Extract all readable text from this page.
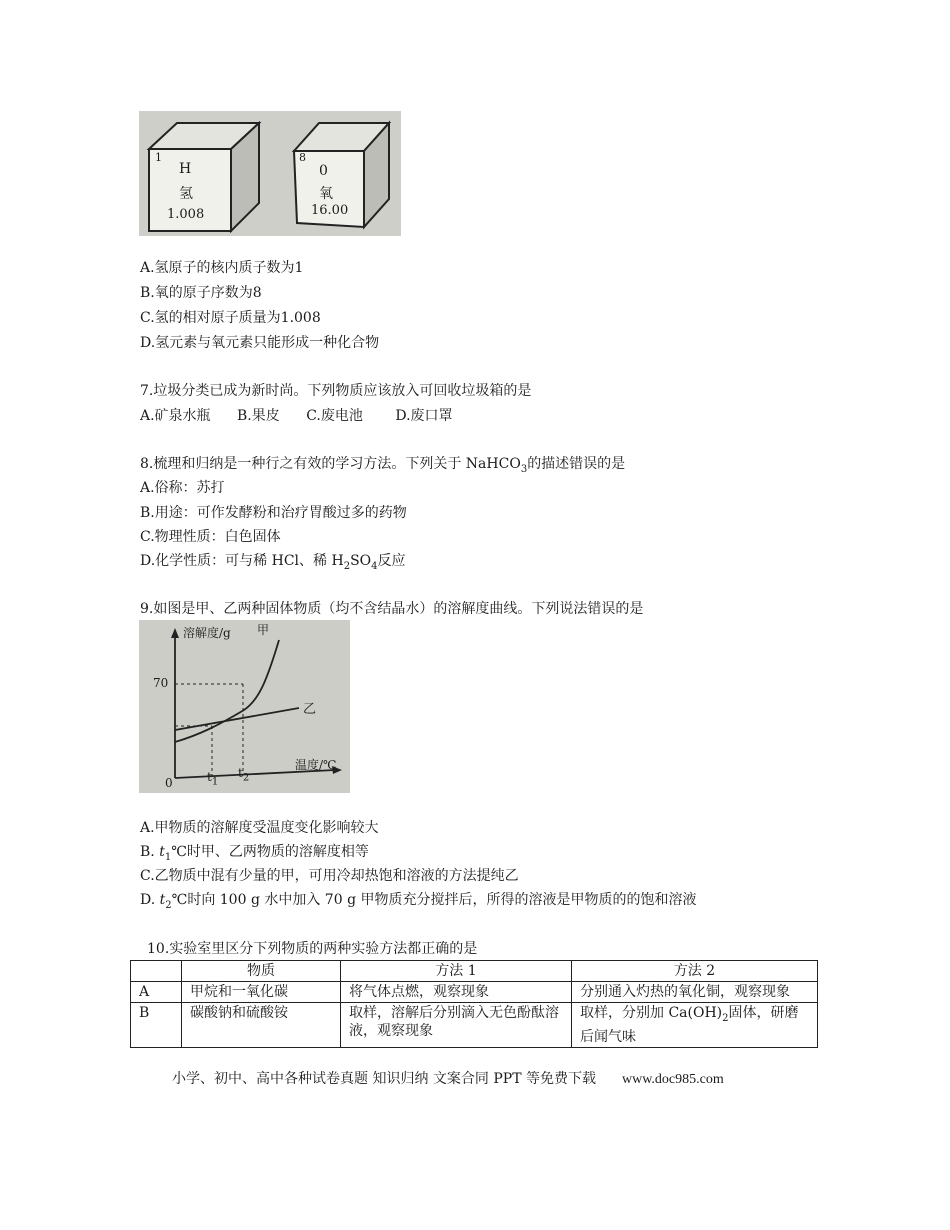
1
H
氢
1.008
8
0
氧
16.00
A.氢原子的核内质子数为1
B.氧的原子序数为8
C.氢的相对原子质量为1.008
D.氢元素与氧元素只能形成一种化合物
7.垃圾分类已成为新时尚。下列物质应该放入可回收垃圾箱的是
A.矿泉水瓶 B.果皮 C.废电池 D.废口罩
8.梳理和归纳是一种行之有效的学习方法。下列关于 NaHCO$_3$的描述错误的是
A.俗称：苏打
B.用途：可作发酵粉和治疗胃酸过多的药物
C.物理性质：白色固体
D.化学性质：可与稀 HCl、稀 $H_2SO_4$反应
9.如图是甲、乙两种固体物质（均不含结晶水）的溶解度曲线。下列说法错误的是
溶解度/g 甲
70
乙
温度/℃
0	$t_1$
$t_2$
A.甲物质的溶解度受温度变化影响较大
B. $t_1℃$时甲、乙两物质的溶解度相等
C.乙物质中混有少量的甲，可用冷却热饱和溶液的方法提纯乙
D. $t_2℃$时向 100 g 水中加入 70 g 甲物质充分搅拌后，所得的溶液是甲物质的的饱和溶液
10.实验室里区分下列物质的两种实验方法都正确的是
	物质	方法 1	方法 2
A	甲烷和一氧化碳	将气体点燃，观察现象	分别通入灼热的氧化铜，观察现象
B	碳酸钠和硫酸铵	取样，溶解后分别滴入无色酚酞溶液，观察现象	取样，分别加 $Ca(OH)_2$固体，研磨后闻气味
小学、初中、高中各种试卷真题 知识归纳 文案合同 PPT 等免费下载 www.doc985.com
